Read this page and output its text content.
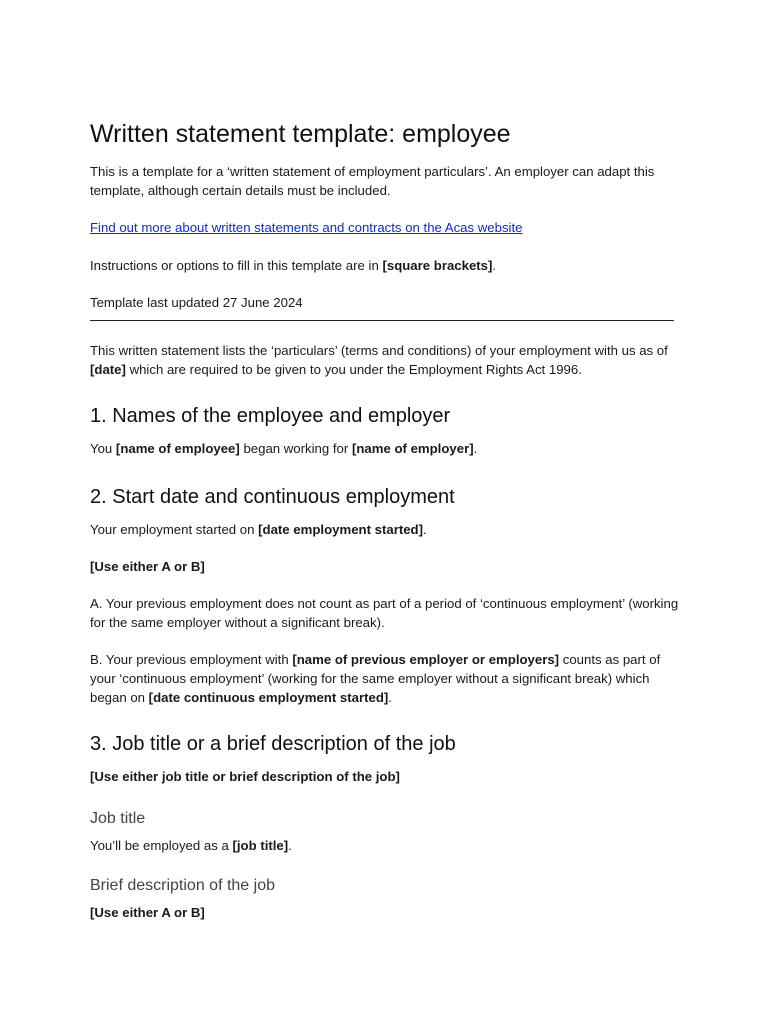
Written statement template: employee

This is a template for a ‘written statement of employment particulars’. An employer can adapt this template, although certain details must be included.

Find out more about written statements and contracts on the Acas website

Instructions or options to fill in this template are in [square brackets].

Template last updated 27 June 2024

This written statement lists the ‘particulars’ (terms and conditions) of your employment with us as of [date] which are required to be given to you under the Employment Rights Act 1996.

1. Names of the employee and employer

You [name of employee] began working for [name of employer].

2. Start date and continuous employment

Your employment started on [date employment started].

[Use either A or B]

A. Your previous employment does not count as part of a period of ‘continuous employment’ (working for the same employer without a significant break).

B. Your previous employment with [name of previous employer or employers] counts as part of your ‘continuous employment’ (working for the same employer without a significant break) which began on [date continuous employment started].

3. Job title or a brief description of the job

[Use either job title or brief description of the job]

Job title

You’ll be employed as a [job title].

Brief description of the job

[Use either A or B]
